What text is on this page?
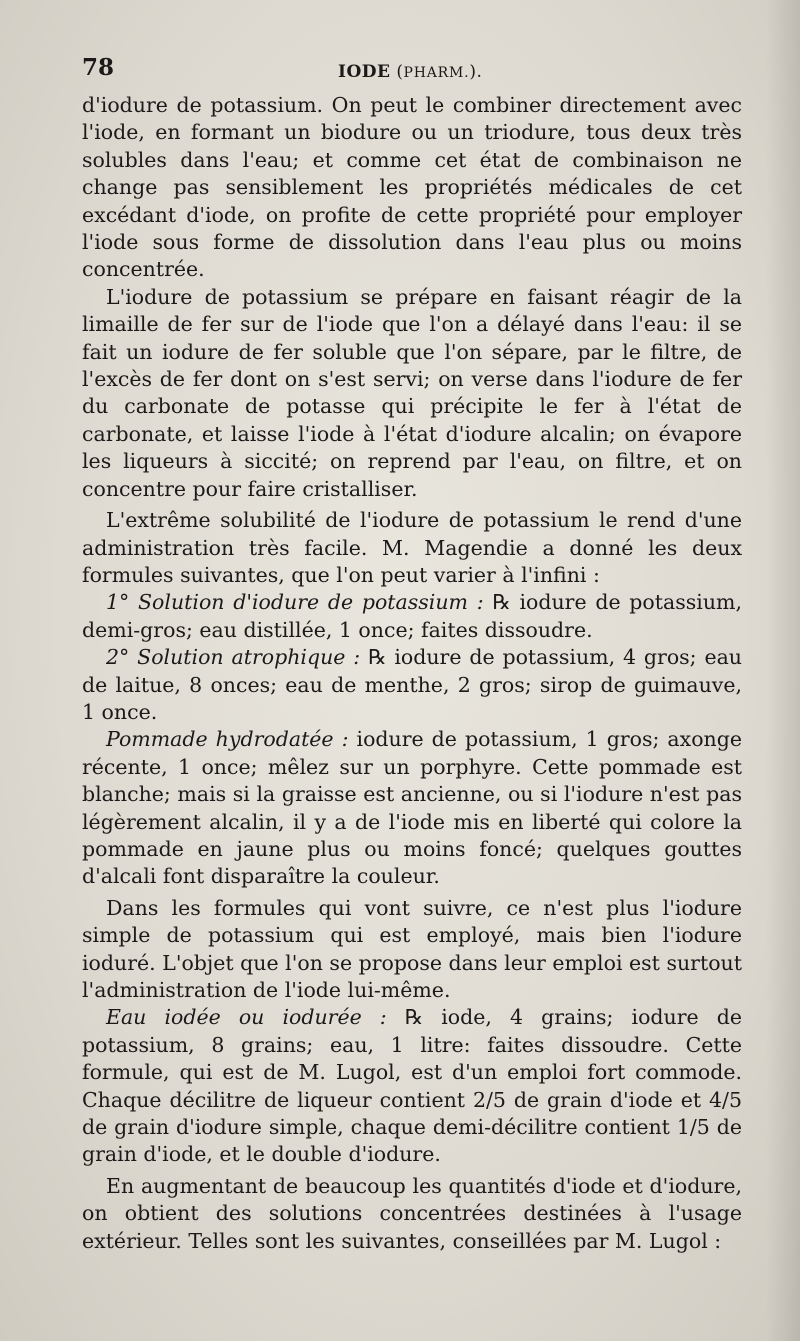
78	IODE (PHARM.).

d'iodure de potassium. On peut le combiner directement avec l'iode, en formant un biodure ou un triodure, tous deux très solubles dans l'eau; et comme cet état de combinaison ne change pas sensiblement les propriétés médicales de cet excédant d'iode, on profite de cette propriété pour employer l'iode sous forme de dissolution dans l'eau plus ou moins concentrée.

L'iodure de potassium se prépare en faisant réagir de la limaille de fer sur de l'iode que l'on a délayé dans l'eau: il se fait un iodure de fer soluble que l'on sépare, par le filtre, de l'excès de fer dont on s'est servi; on verse dans l'iodure de fer du carbonate de potasse qui précipite le fer à l'état de carbonate, et laisse l'iode à l'état d'iodure alcalin; on évapore les liqueurs à siccité; on reprend par l'eau, on filtre, et on concentre pour faire cristalliser.

L'extrême solubilité de l'iodure de potassium le rend d'une administration très facile. M. Magendie a donné les deux formules suivantes, que l'on peut varier à l'infini :

1° Solution d'iodure de potassium : ℞ iodure de potassium, demi-gros; eau distillée, 1 once; faites dissoudre.

2° Solution atrophique : ℞ iodure de potassium, 4 gros; eau de laitue, 8 onces; eau de menthe, 2 gros; sirop de guimauve, 1 once.

Pommade hydrodatée : iodure de potassium, 1 gros; axonge récente, 1 once; mêlez sur un porphyre. Cette pommade est blanche; mais si la graisse est ancienne, ou si l'iodure n'est pas légèrement alcalin, il y a de l'iode mis en liberté qui colore la pommade en jaune plus ou moins foncé; quelques gouttes d'alcali font disparaître la couleur.

Dans les formules qui vont suivre, ce n'est plus l'iodure simple de potassium qui est employé, mais bien l'iodure ioduré. L'objet que l'on se propose dans leur emploi est surtout l'administration de l'iode lui-même.

Eau iodée ou iodurée : ℞ iode, 4 grains; iodure de potassium, 8 grains; eau, 1 litre: faites dissoudre. Cette formule, qui est de M. Lugol, est d'un emploi fort commode. Chaque décilitre de liqueur contient 2/5 de grain d'iode et 4/5 de grain d'iodure simple, chaque demi-décilitre contient 1/5 de grain d'iode, et le double d'iodure.

En augmentant de beaucoup les quantités d'iode et d'iodure, on obtient des solutions concentrées destinées à l'usage extérieur. Telles sont les suivantes, conseillées par M. Lugol :
